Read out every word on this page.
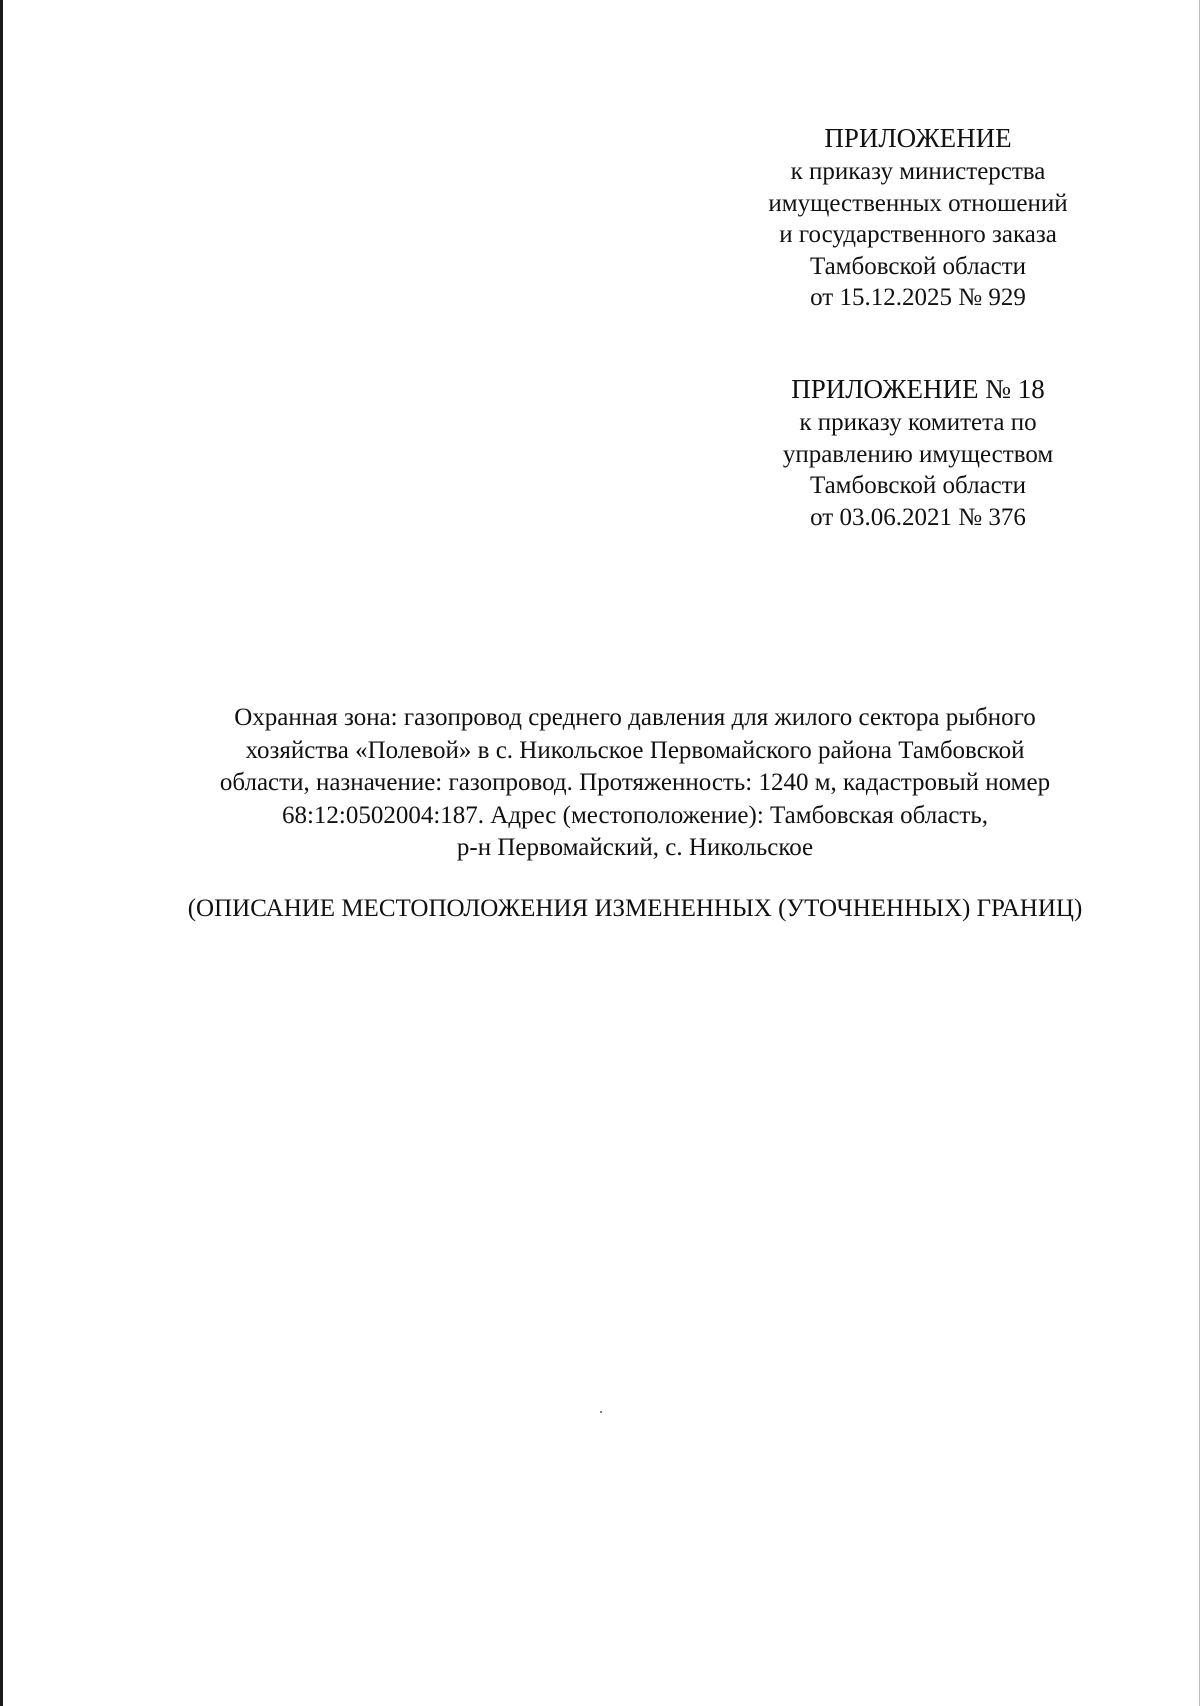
ПРИЛОЖЕНИЕ
к приказу министерства
имущественных отношений
и государственного заказа
Тамбовской области
от 15.12.2025 № 929
ПРИЛОЖЕНИЕ № 18
к приказу комитета по
управлению имуществом
Тамбовской области
от 03.06.2021 № 376
Охранная зона: газопровод среднего давления для жилого сектора рыбного
хозяйства «Полевой» в с. Никольское Первомайского района Тамбовской
области, назначение: газопровод. Протяженность: 1240 м, кадастровый номер
68:12:0502004:187. Адрес (местоположение): Тамбовская область,
р-н Первомайский, с. Никольское
(ОПИСАНИЕ МЕСТОПОЛОЖЕНИЯ ИЗМЕНЕННЫХ (УТОЧНЕННЫХ) ГРАНИЦ)
